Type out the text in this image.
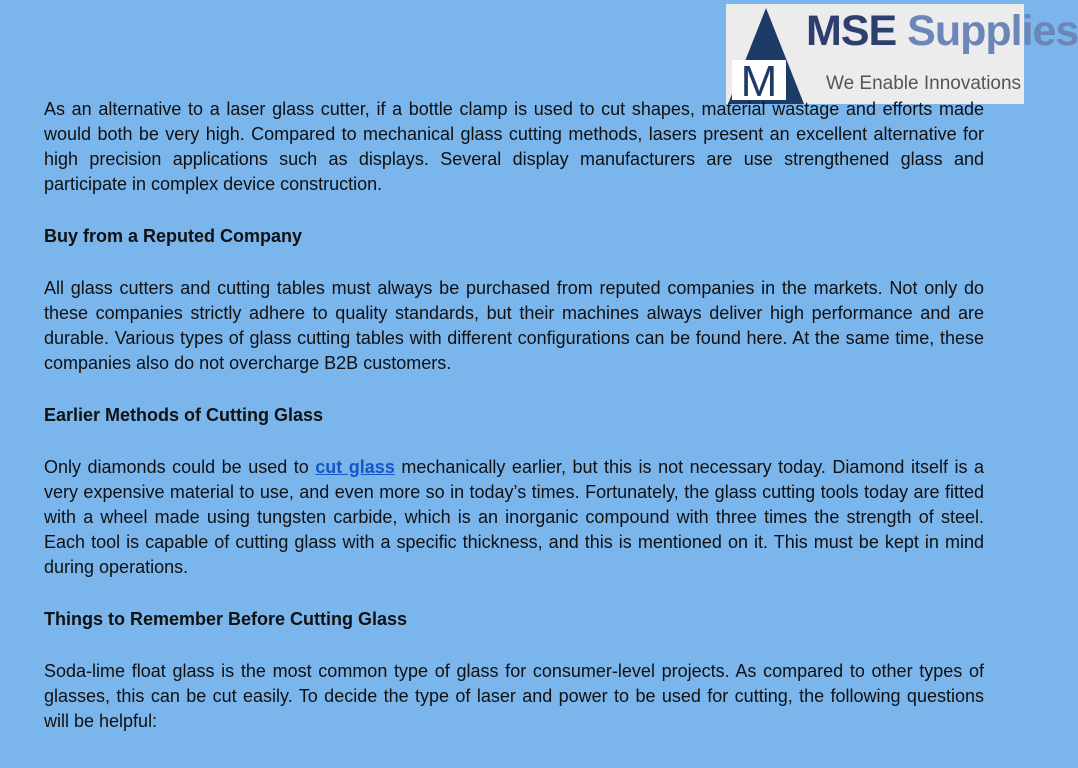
M
MSE Supplies
We Enable Innovations

As an alternative to a laser glass cutter, if a bottle clamp is used to cut shapes, material wastage and efforts made would both be very high. Compared to mechanical glass cutting methods, lasers present an excellent alternative for high precision applications such as displays. Several display manufacturers are use strengthened glass and participate in complex device construction.

Buy from a Reputed Company

All glass cutters and cutting tables must always be purchased from reputed companies in the markets. Not only do these companies strictly adhere to quality standards, but their machines always deliver high performance and are durable. Various types of glass cutting tables with different configurations can be found here. At the same time, these companies also do not overcharge B2B customers.

Earlier Methods of Cutting Glass

Only diamonds could be used to cut glass mechanically earlier, but this is not necessary today. Diamond itself is a very expensive material to use, and even more so in today’s times. Fortunately, the glass cutting tools today are fitted with a wheel made using tungsten carbide, which is an inorganic compound with three times the strength of steel. Each tool is capable of cutting glass with a specific thickness, and this is mentioned on it. This must be kept in mind during operations.

Things to Remember Before Cutting Glass

Soda-lime float glass is the most common type of glass for consumer-level projects. As compared to other types of glasses, this can be cut easily. To decide the type of laser and power to be used for cutting, the following questions will be helpful:
